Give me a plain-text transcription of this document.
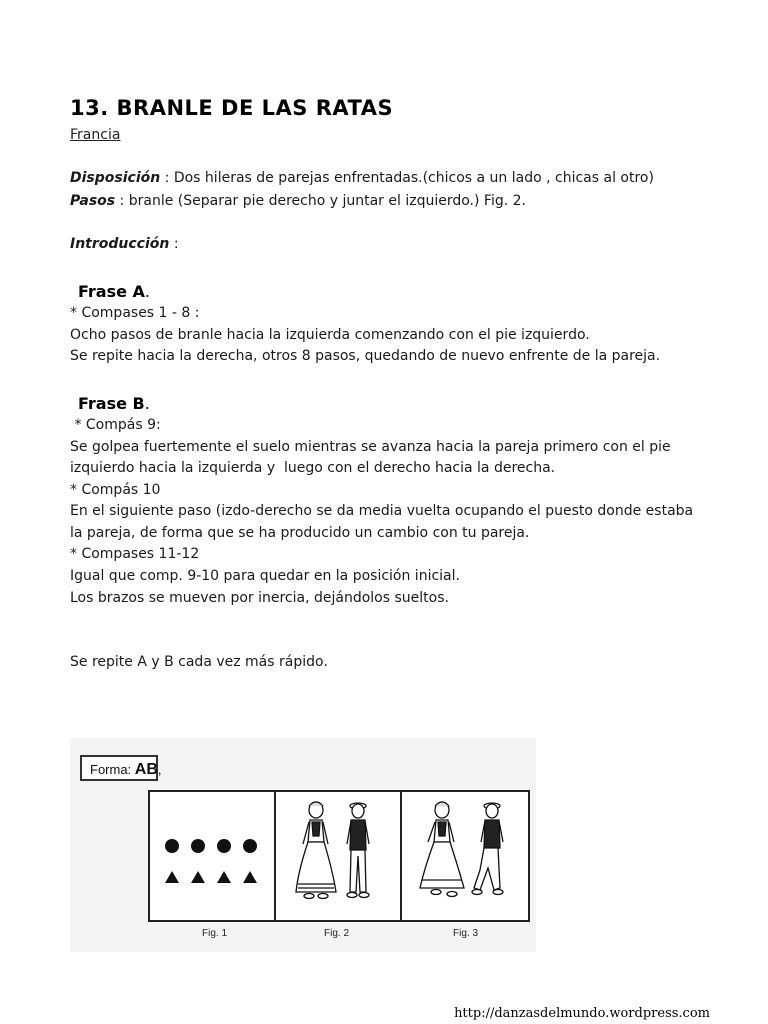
13. BRANLE DE LAS RATAS
Francia
Disposición : Dos hileras de parejas enfrentadas.(chicos a un lado , chicas al otro)
Pasos : branle (Separar pie derecho y juntar el izquierdo.) Fig. 2.
Introducción :
Frase A.
* Compases 1 - 8 :
Ocho pasos de branle hacia la izquierda comenzando con el pie izquierdo.
Se repite hacia la derecha, otros 8 pasos, quedando de nuevo enfrente de la pareja.
Frase B.
* Compás 9:
Se golpea fuertemente el suelo mientras se avanza hacia la pareja primero con el pie
izquierdo hacia la izquierda y  luego con el derecho hacia la derecha.
* Compás 10
En el siguiente paso (izdo-derecho se da media vuelta ocupando el puesto donde estaba
la pareja, de forma que se ha producido un cambio con tu pareja.
* Compases 11-12
Igual que comp. 9-10 para quedar en la posición inicial.
Los brazos se mueven por inercia, dejándolos sueltos.
Se repite A y B cada vez más rápido.
Forma: AB,
Fig. 1	Fig. 2	Fig. 3
http://danzasdelmundo.wordpress.com
